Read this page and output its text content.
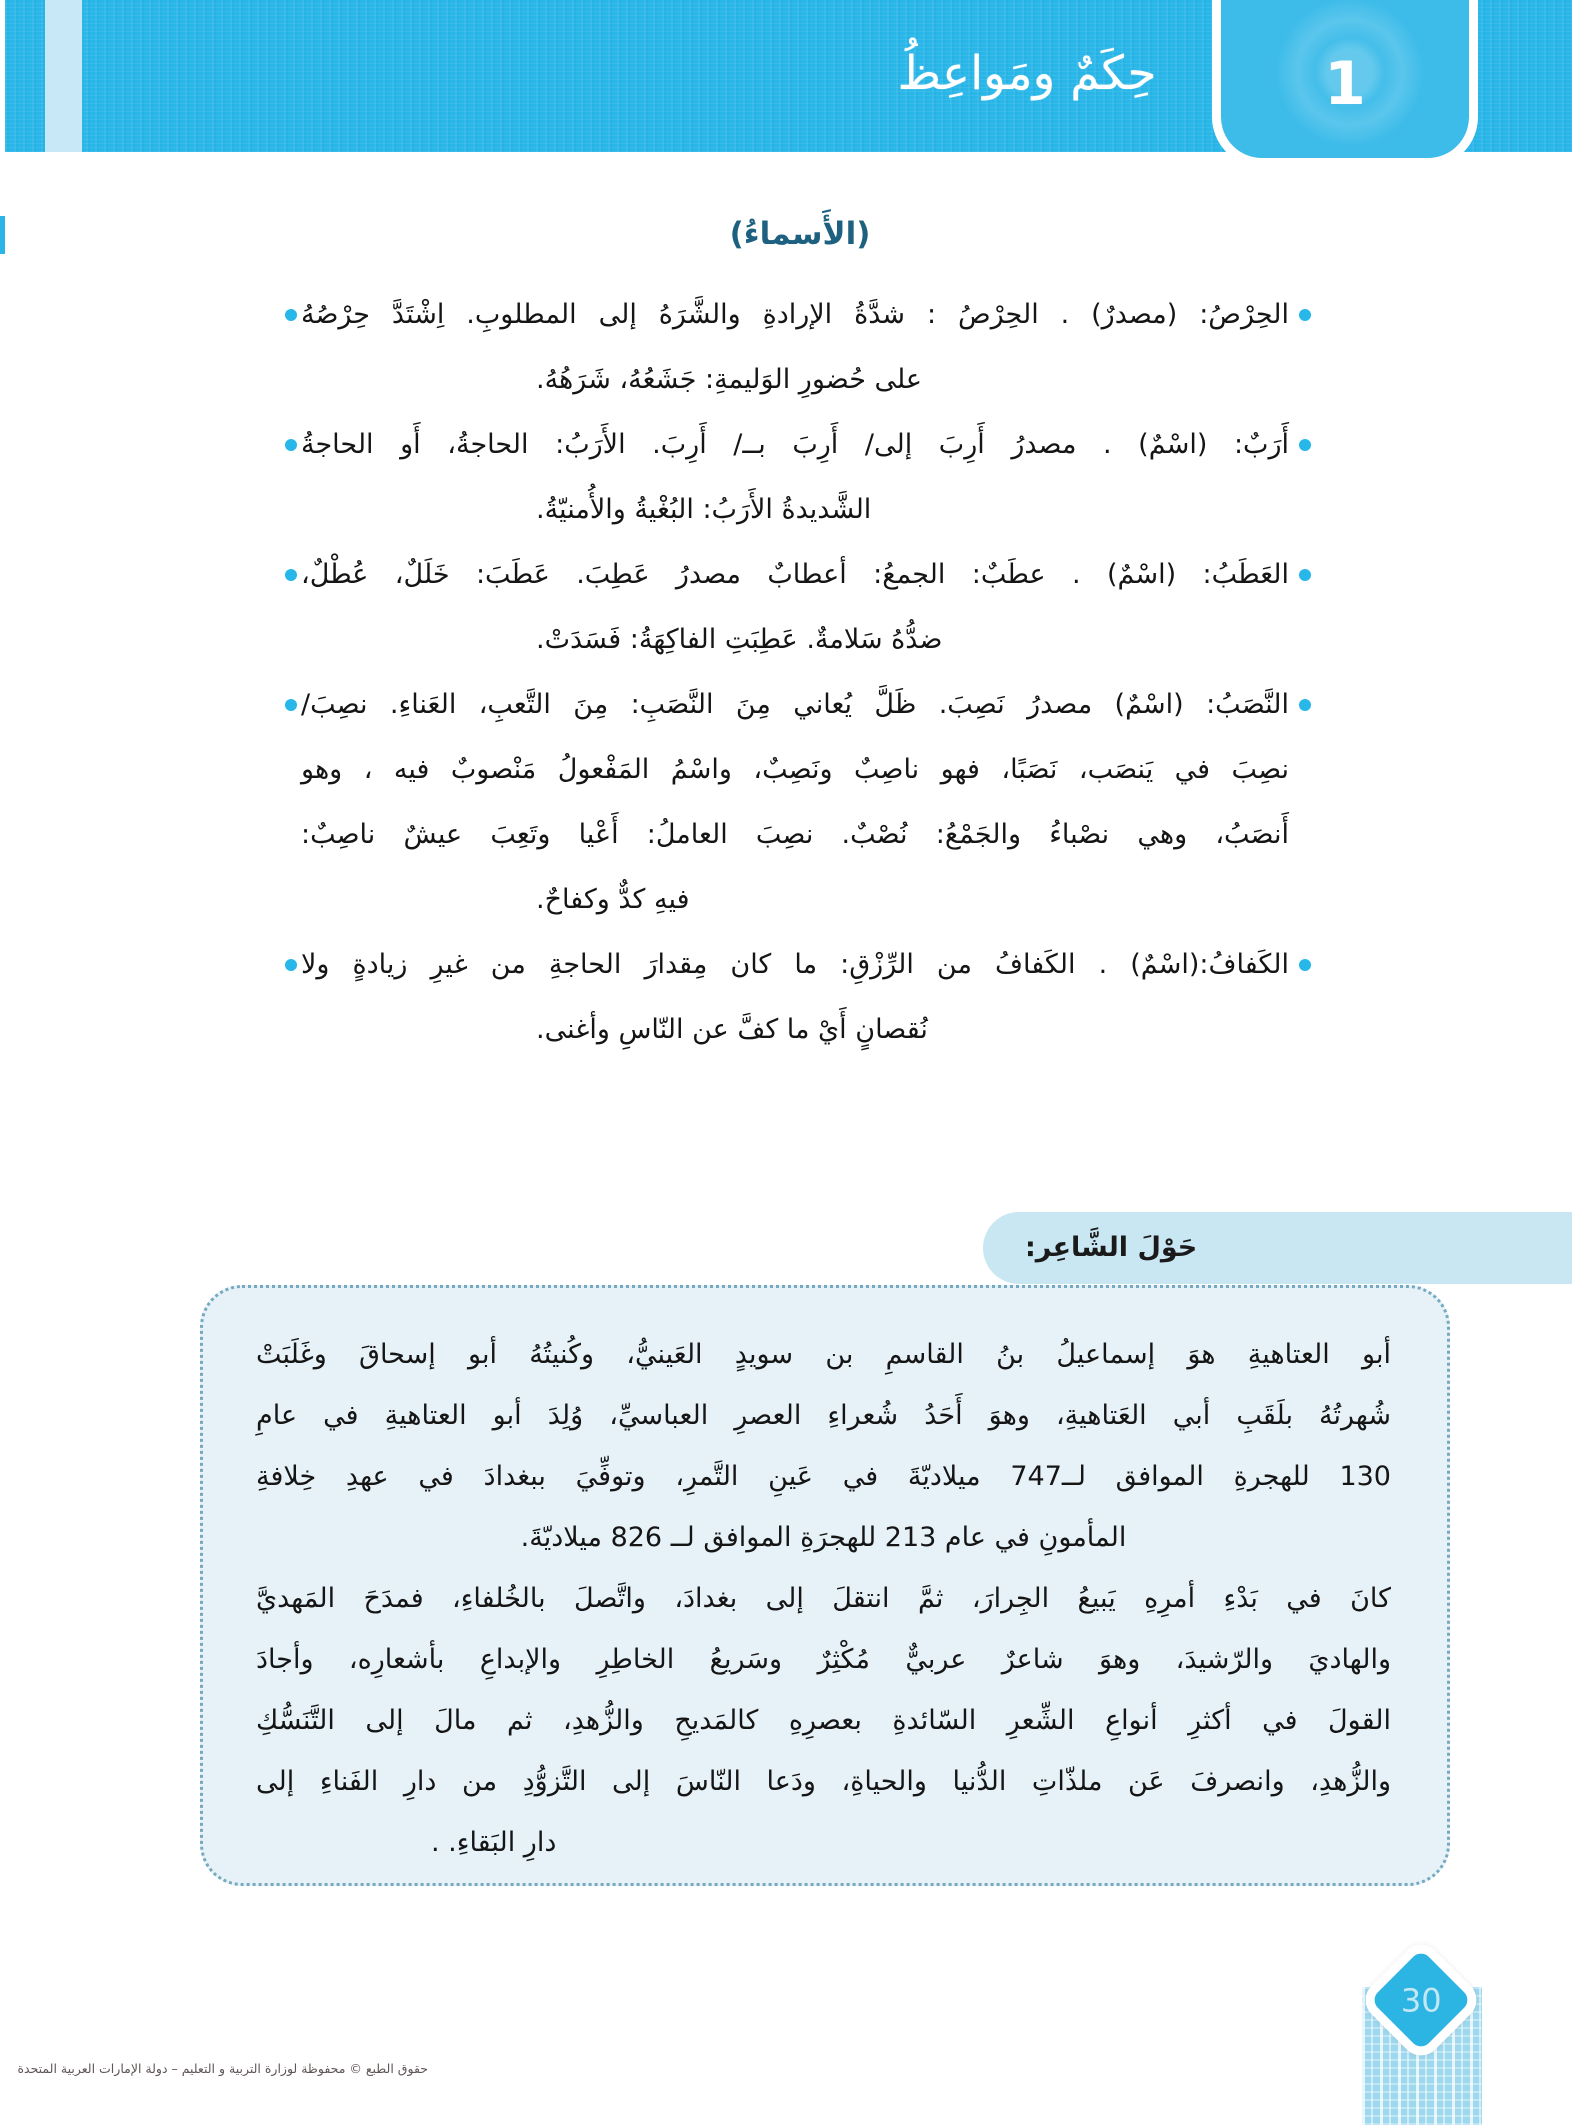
حِكَمٌ ومَواعِظُ	1
(الأَسماءُ)
الحِرْصُ: (مصدرٌ) . الحِرْصُ : شدَّةُ الإرادةِ والشَّرَهُ إلى المطلوبِ. اِشْتَدَّ حِرْصُهُ
على حُضورِ الوَليمةِ: جَشَعُهُ، شَرَهُهُ.
أَرَبٌ: (اسْمٌ) . مصدرُ أَرِبَ إلى/ أَرِبَ بــ/ أَرِبَ. الأَرَبُ: الحاجةُ، أَو الحاجةُ
الشَّديدةُ الأَرَبُ: البُغْيةُ والأُمنيّةُ.
العَطَبُ: (اسْمٌ) . عطَبٌ: الجمعُ: أعطابٌ مصدرُ عَطِبَ. عَطَبَ: خَلَلٌ، عُطْلٌ،
ضدُّهُ سَلامةٌ. عَطِبَتِ الفاكِهَةُ: فَسَدَتْ.
النَّصَبُ: (اسْمٌ) مصدرُ نَصِبَ. ظَلَّ يُعاني مِنَ النَّصَبِ: مِنَ التَّعبِ، العَناءِ. نصِبَ/
نصِبَ في يَنصَب، نَصَبًا، فهو ناصِبٌ ونَصِبٌ، واسْمُ المَفْعولُ مَنْصوبٌ فيه ، وهو
أَنصَبُ، وهي نصْباءُ والجَمْعُ: نُصْبٌ. نصِبَ العاملُ: أَعْيا وتَعِبَ عيشٌ ناصِبٌ:
فيهِ كدٌّ وكفاحٌ.
الكَفافُ:(اسْمٌ) . الكَفافُ من الرِّزْقِ: ما كان مِقدارَ الحاجةِ من غيرِ زيادةٍ ولا
نُقصانٍ أَيْ ما كفَّ عن النّاسِ وأغنى.
حَوْلَ الشَّاعِر:
أبو العتاهيةِ هوَ إسماعيلُ بنُ القاسمِ بن سويدٍ العَينيُّ، وكُنيتُهُ أبو إسحاقَ وغَلَبَتْ
شُهرتُهُ بلَقَبِ أبي العَتاهيةِ، وهوَ أَحَدُ شُعراءِ العصرِ العباسيِّ، وُلِدَ أبو العتاهيةِ في عامِ
130 للهجرةِ الموافق لــ747 ميلاديّةَ في عَينِ التَّمرِ، وتوفِّيَ ببغدادَ في عهدِ خِلافةِ
المأمونِ في عام 213 للهجرَةِ الموافق لــ 826 ميلاديّةَ.
كانَ في بَدْءِ أمرِهِ يَبيعُ الجِرارَ، ثمَّ انتقلَ إلى بغدادَ، واتَّصلَ بالخُلفاءِ، فمدَحَ المَهديَّ
والهاديَ والرّشيدَ، وهوَ شاعرٌ عربيٌّ مُكْثِرٌ وسَريعُ الخاطِرِ والإبداعِ بأشعارِه، وأجادَ
القولَ في أكثرِ أنواعِ الشِّعرِ السّائدةِ بعصرِهِ كالمَديحِ والزُّهدِ، ثم مالَ إلى التَّنَسُّكِ
والزُّهدِ، وانصرفَ عَن ملذّاتِ الدُّنيا والحياةِ، ودَعا النّاسَ إلى التَّزوُّدِ من دارِ الفَناءِ إلى
دارِ البَقاءِ. .
حقوق الطبع © محفوظة لوزارة التربية و التعليم – دولة الإمارات العربية المتحدة
30
